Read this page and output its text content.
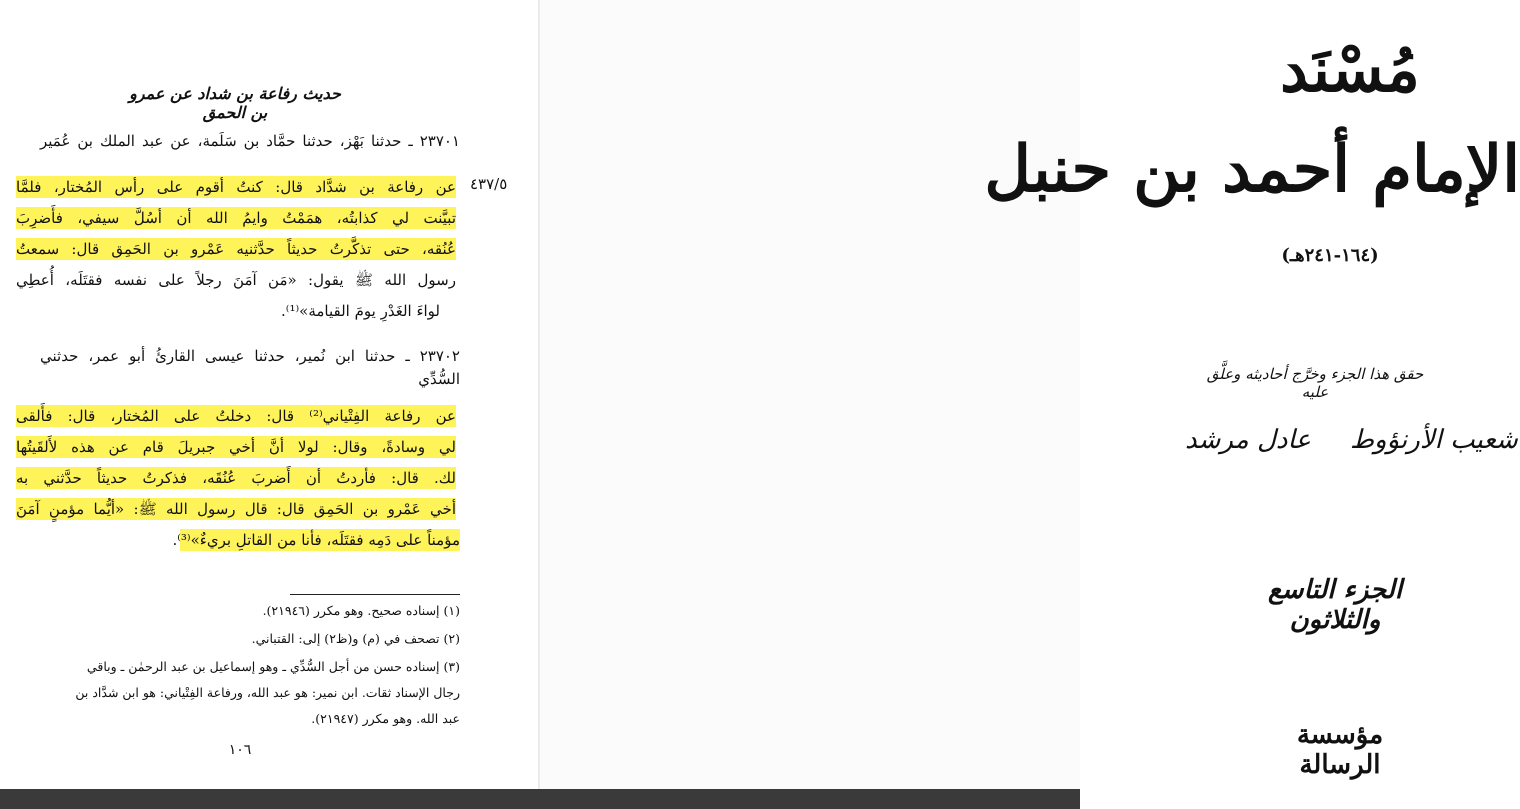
حديث رفاعة بن شداد عن عمرو بن الحمق
٤٣٧/٥
٢٣٧٠١ ـ حدثنا بَهْز، حدثنا حمَّاد بن سَلَمة، عن عبد الملك بن عُمَير
عن رفاعة بن شدَّاد قال: كنتُ أقوم على رأس المُختار، فلمَّا
تبيَّنت لي كذابتُه، همَمْتُ وايمُ الله أن أسُلَّ سيفي، فأَضرِبَ
عُنُقه، حتى تذكَّرتُ حديثاً حدَّثنيه عَمْرو بن الحَمِق قال: سمعتُ
رسول الله ﷺ يقول: «مَن آمَنَ رجلاً على نفسه فقتَلَه، أُعطِي
لواءَ الغَدْرِ يومَ القيامة»⁽¹⁾.
٢٣٧٠٢ ـ حدثنا ابن نُمير، حدثنا عيسى القارئُ أبو عمر، حدثني
السُّدِّي
عن رفاعة الفِتْياني⁽²⁾ قال: دخلتُ على المُختار، قال: فأَلقى
لي وسادةً، وقال: لولا أنَّ أخي جبريلَ قام عن هذه لأَلقَيتُها
لك. قال: فأردتُ أن أَضربَ عُنُقَه، فذكرتُ حديثاً حدَّثني به
أخي عَمْرو بن الحَمِق قال: قال رسول الله ﷺ: «أيُّما مؤمنٍ آمَنَ
مؤمناً على دَمِه فقتَلَه، فأنا من القاتلِ بريءٌ»⁽³⁾.
(١) إسناده صحيح. وهو مكرر (٢١٩٤٦).
(٢) تصحف في (م) و(ظ٢) إلى: القتباني.
(٣) إسناده حسن من أجل السُّدِّي ـ وهو إسماعيل بن عبد الرحمٰن ـ وباقي
رجال الإسناد ثقات. ابن نمير: هو عبد الله، ورفاعة الفِتْياني: هو ابن شدَّاد بن
عبد الله. وهو مكرر (٢١٩٤٧).
١٠٦
مُسْنَد
الإمام أحمد بن حنبل
(١٦٤-٢٤١هـ)
حقق هذا الجزء وخرَّج أحاديثه وعلَّق عليه
شعيب الأرنؤوط
عادل مرشد
الجزء التاسع والثلاثون
مؤسسة الرسالة
